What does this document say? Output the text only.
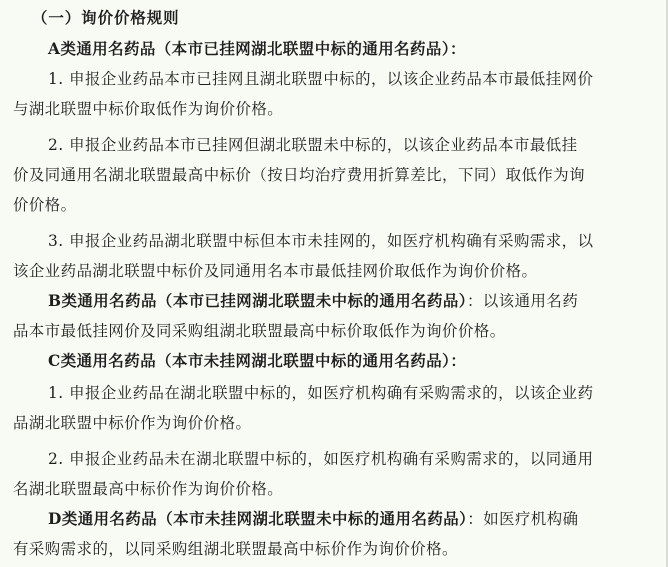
（一）询价价格规则
A类通用名药品（本市已挂网湖北联盟中标的通用名药品）：
1. 申报企业药品本市已挂网且湖北联盟中标的，以该企业药品本市最低挂网价
与湖北联盟中标价取低作为询价价格。
2. 申报企业药品本市已挂网但湖北联盟未中标的，以该企业药品本市最低挂
价及同通用名湖北联盟最高中标价（按日均治疗费用折算差比，下同）取低作为询
价价格。
3. 申报企业药品湖北联盟中标但本市未挂网的，如医疗机构确有采购需求，以
该企业药品湖北联盟中标价及同通用名本市最低挂网价取低作为询价价格。
B类通用名药品（本市已挂网湖北联盟未中标的通用名药品）：以该通用名药
品本市最低挂网价及同采购组湖北联盟最高中标价取低作为询价价格。
C类通用名药品（本市未挂网湖北联盟中标的通用名药品）：
1. 申报企业药品在湖北联盟中标的，如医疗机构确有采购需求的，以该企业药
品湖北联盟中标价作为询价价格。
2. 申报企业药品未在湖北联盟中标的，如医疗机构确有采购需求的，以同通用
名湖北联盟最高中标价作为询价价格。
D类通用名药品（本市未挂网湖北联盟未中标的通用名药品）：如医疗机构确
有采购需求的，以同采购组湖北联盟最高中标价作为询价价格。
